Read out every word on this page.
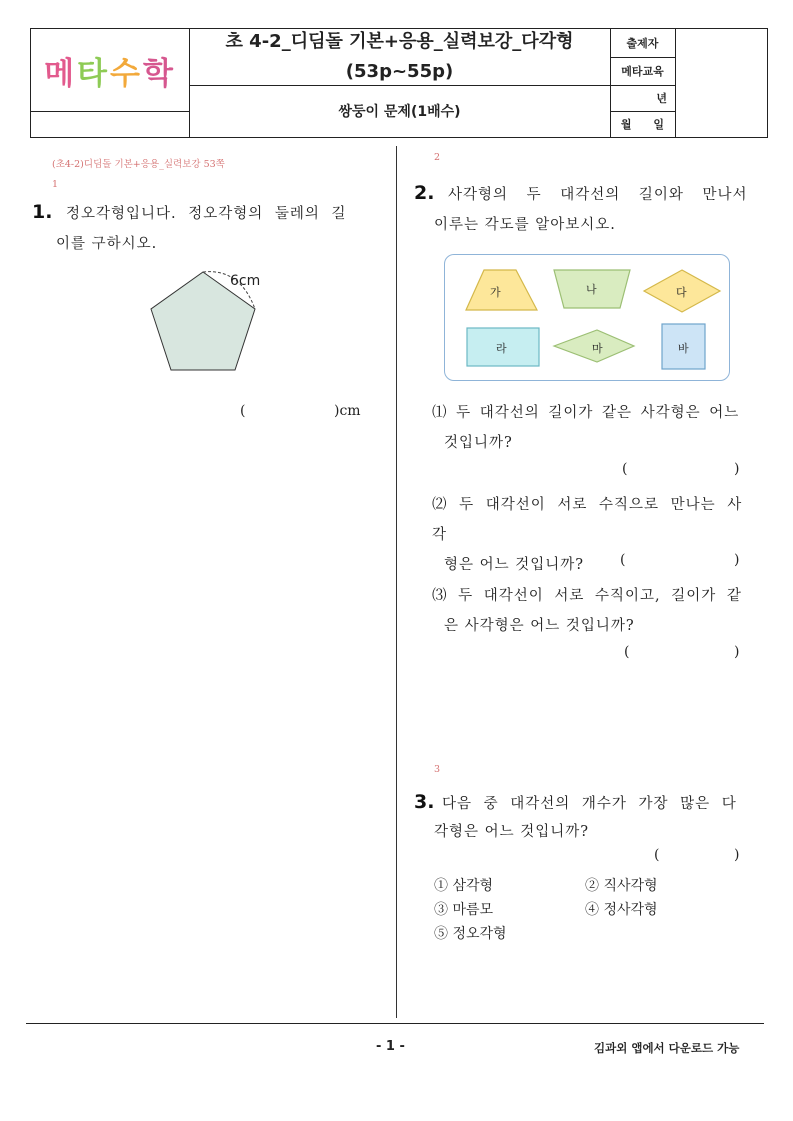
메 타 수 학
초 4-2_디딤돌 기본+응용_실력보강_다각형
(53p~55p)
쌍둥이 문제(1배수)
출제자
메타교육
년
월 일
(초4-2)디딤돌 기본+응용_실력보강 53쪽
1
1. 정오각형입니다. 정오각형의 둘레의 길
이를 구하시오.
6cm
(	)cm
2
2. 사각형의 두 대각선의 길이와 만나서
이루는 각도를 알아보시오.
가	나	다
라	마	바
⑴ 두 대각선의 길이가 같은 사각형은 어느
것입니까?
(	)
⑵ 두 대각선이 서로 수직으로 만나는 사각
형은 어느 것입니까?	(	)
⑶ 두 대각선이 서로 수직이고, 길이가 같
은 사각형은 어느 것입니까?
(	)
3
3. 다음 중 대각선의 개수가 가장 많은 다
각형은 어느 것입니까?
(	)
① 삼각형	② 직사각형
③ 마름모	④ 정사각형
⑤ 정오각형
- 1 -	김과외 앱에서 다운로드 가능
